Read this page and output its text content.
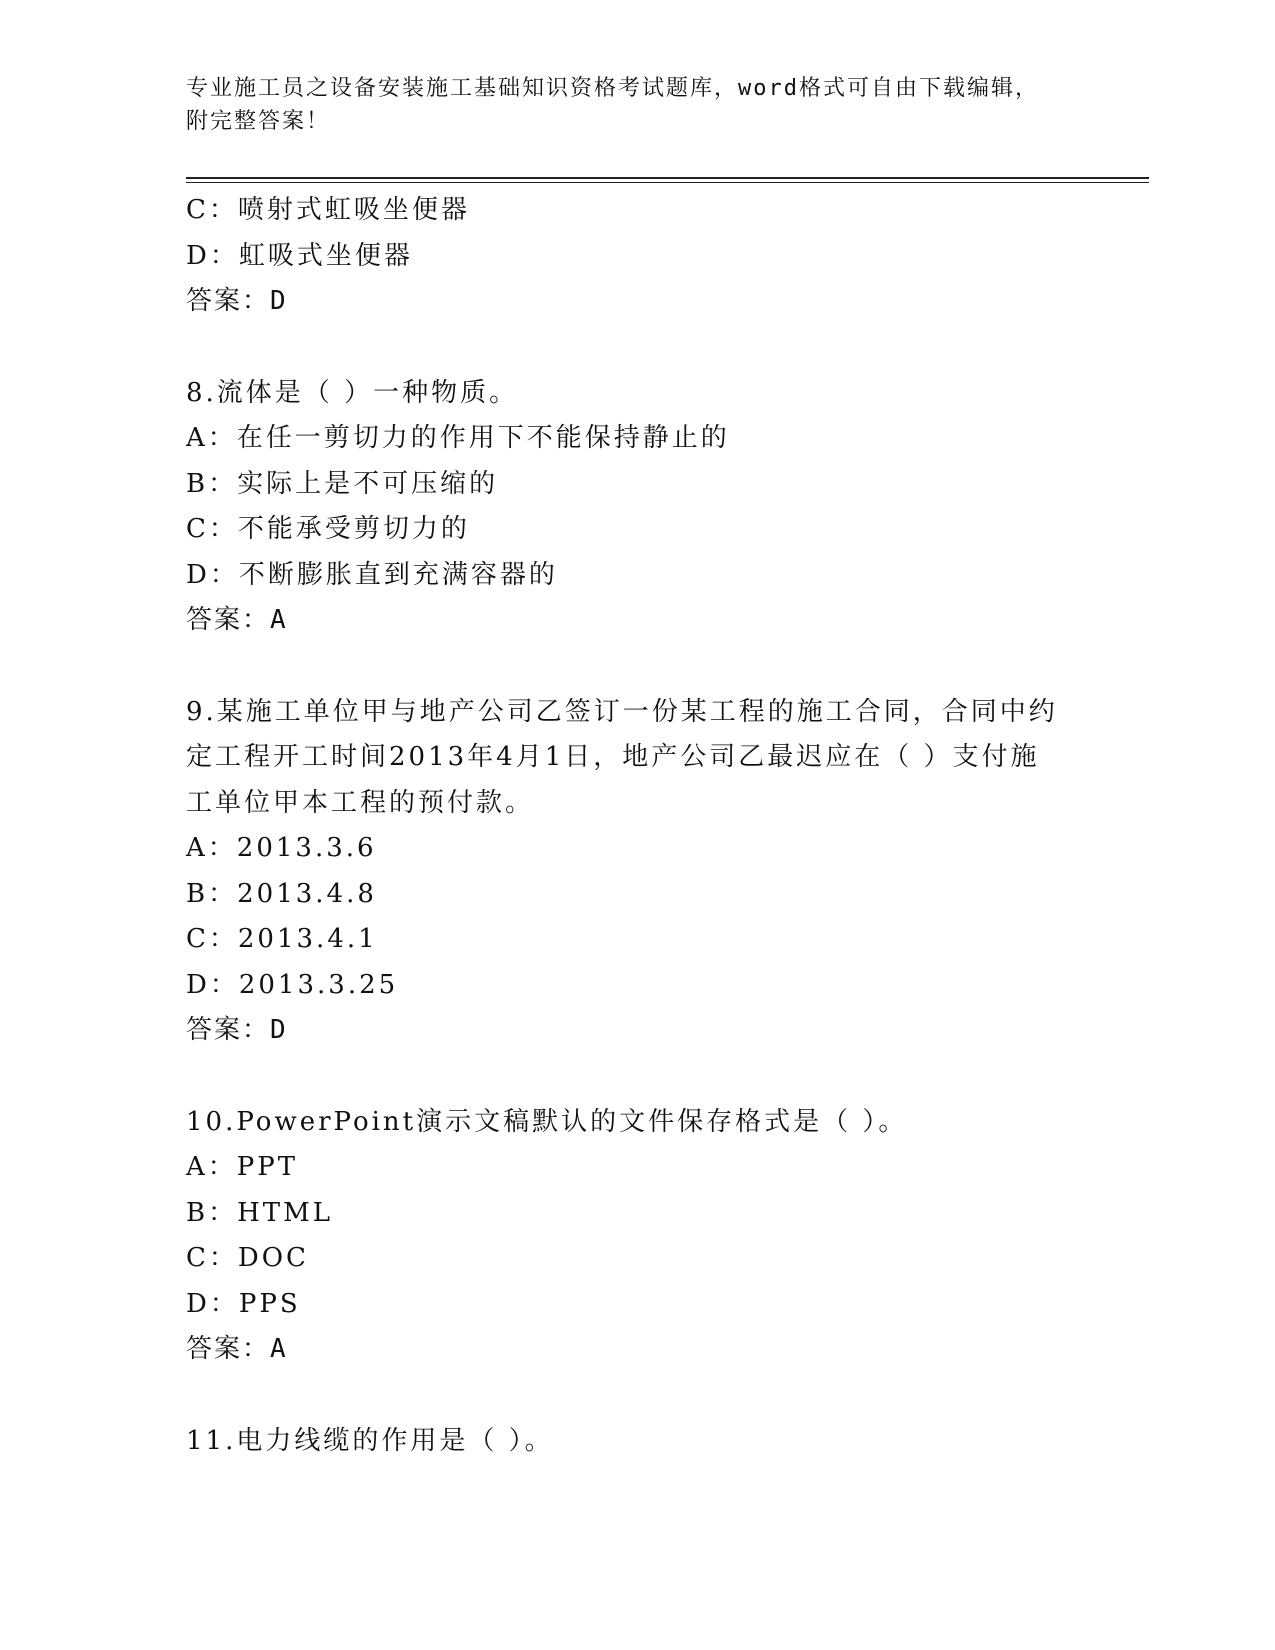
专业施工员之设备安装施工基础知识资格考试题库，word格式可自由下载编辑，
附完整答案！
C：喷射式虹吸坐便器
D：虹吸式坐便器
答案：D
8.流体是（ ）一种物质。
A：在任一剪切力的作用下不能保持静止的
B：实际上是不可压缩的
C：不能承受剪切力的
D：不断膨胀直到充满容器的
答案：A
9.某施工单位甲与地产公司乙签订一份某工程的施工合同，合同中约
定工程开工时间2013年4月1日，地产公司乙最迟应在（ ）支付施
工单位甲本工程的预付款。
A：2013.3.6
B：2013.4.8
C：2013.4.1
D：2013.3.25
答案：D
10.PowerPoint演示文稿默认的文件保存格式是（ ）。
A：PPT
B：HTML
C：DOC
D：PPS
答案：A
11.电力线缆的作用是（ ）。
